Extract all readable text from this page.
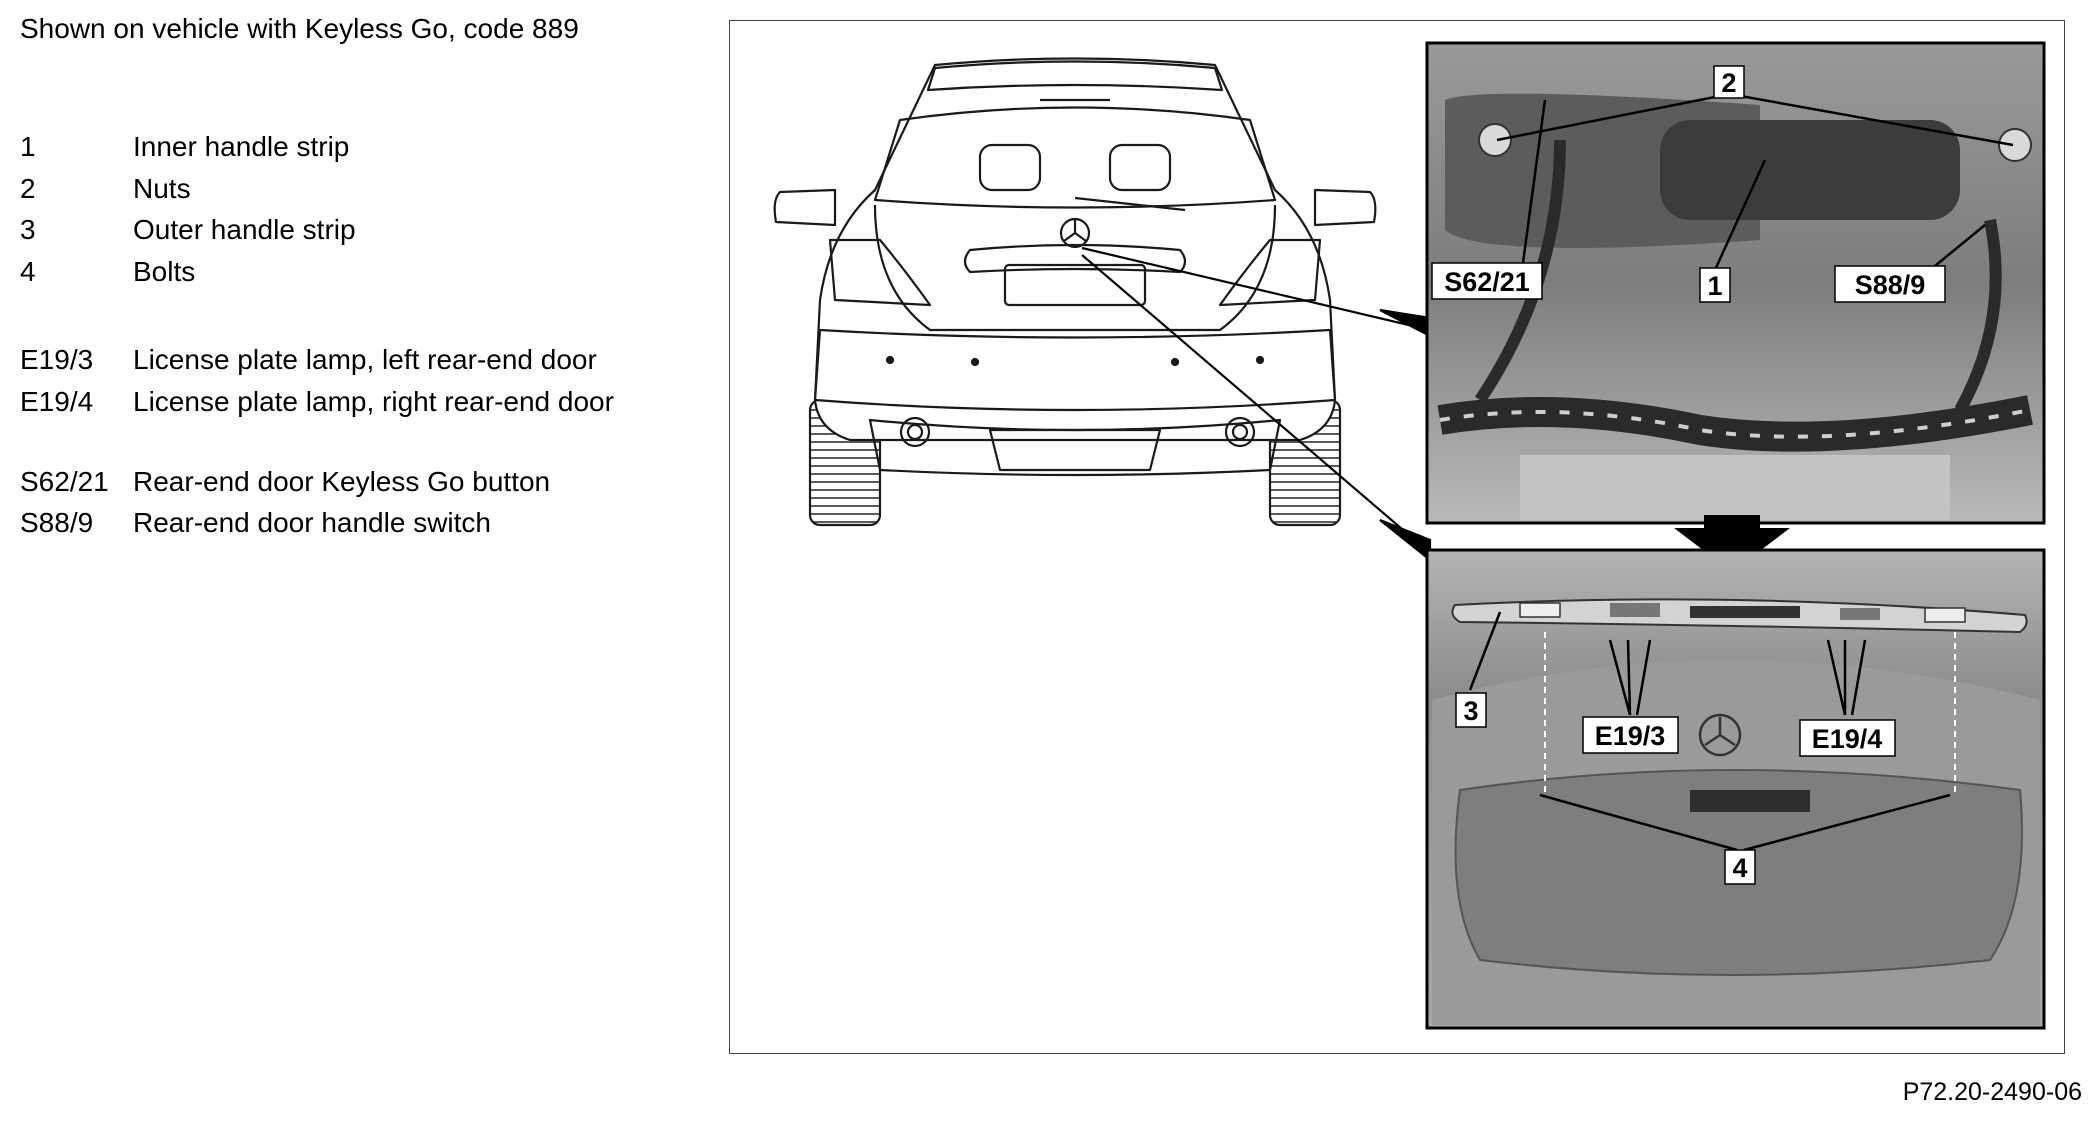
Shown on vehicle with Keyless Go, code 889
1	Inner handle strip
2	Nuts
3	Outer handle strip
4	Bolts
E19/3	License plate lamp, left rear-end door
E19/4	License plate lamp, right rear-end door
S62/21 Rear-end door Keyless Go button
S88/9	Rear-end door handle switch
2
S62/21	1	S88/9
3
E19/3	E19/4
4
P72.20-2490-06
